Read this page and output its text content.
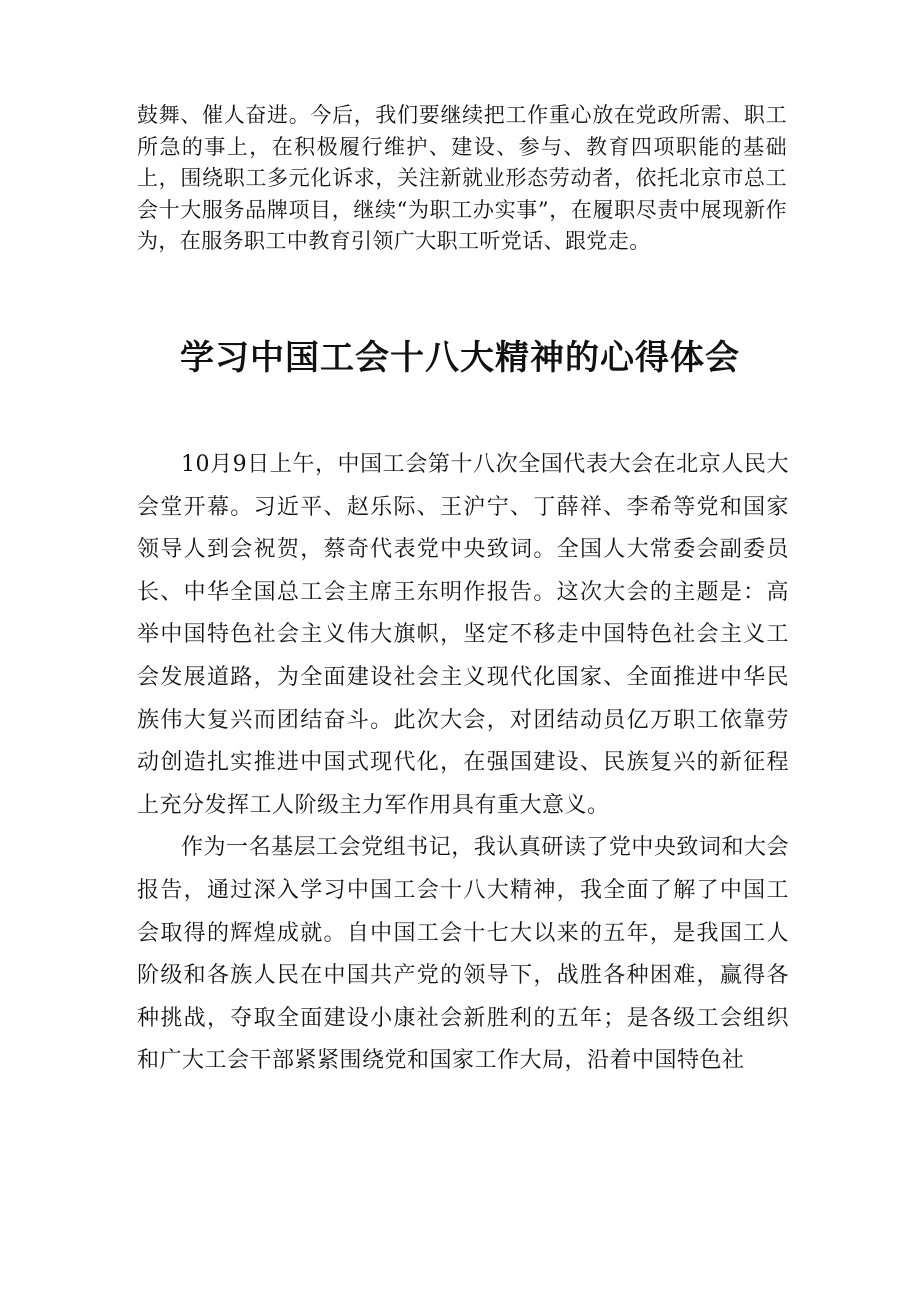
鼓舞、催人奋进。今后，我们要继续把工作重心放在党政所需、职工所急的事上，在积极履行维护、建设、参与、教育四项职能的基础上，围绕职工多元化诉求，关注新就业形态劳动者，依托北京市总工会十大服务品牌项目，继续“为职工办实事”，在履职尽责中展现新作为，在服务职工中教育引领广大职工听党话、跟党走。

学习中国工会十八大精神的心得体会

10月9日上午，中国工会第十八次全国代表大会在北京人民大会堂开幕。习近平、赵乐际、王沪宁、丁薛祥、李希等党和国家领导人到会祝贺，蔡奇代表党中央致词。全国人大常委会副委员长、中华全国总工会主席王东明作报告。这次大会的主题是：高举中国特色社会主义伟大旗帜，坚定不移走中国特色社会主义工会发展道路，为全面建设社会主义现代化国家、全面推进中华民族伟大复兴而团结奋斗。此次大会，对团结动员亿万职工依靠劳动创造扎实推进中国式现代化，在强国建设、民族复兴的新征程上充分发挥工人阶级主力军作用具有重大意义。

作为一名基层工会党组书记，我认真研读了党中央致词和大会报告，通过深入学习中国工会十八大精神，我全面了解了中国工会取得的辉煌成就。自中国工会十七大以来的五年，是我国工人阶级和各族人民在中国共产党的领导下，战胜各种困难，赢得各种挑战，夺取全面建设小康社会新胜利的五年；是各级工会组织和广大工会干部紧紧围绕党和国家工作大局，沿着中国特色社
